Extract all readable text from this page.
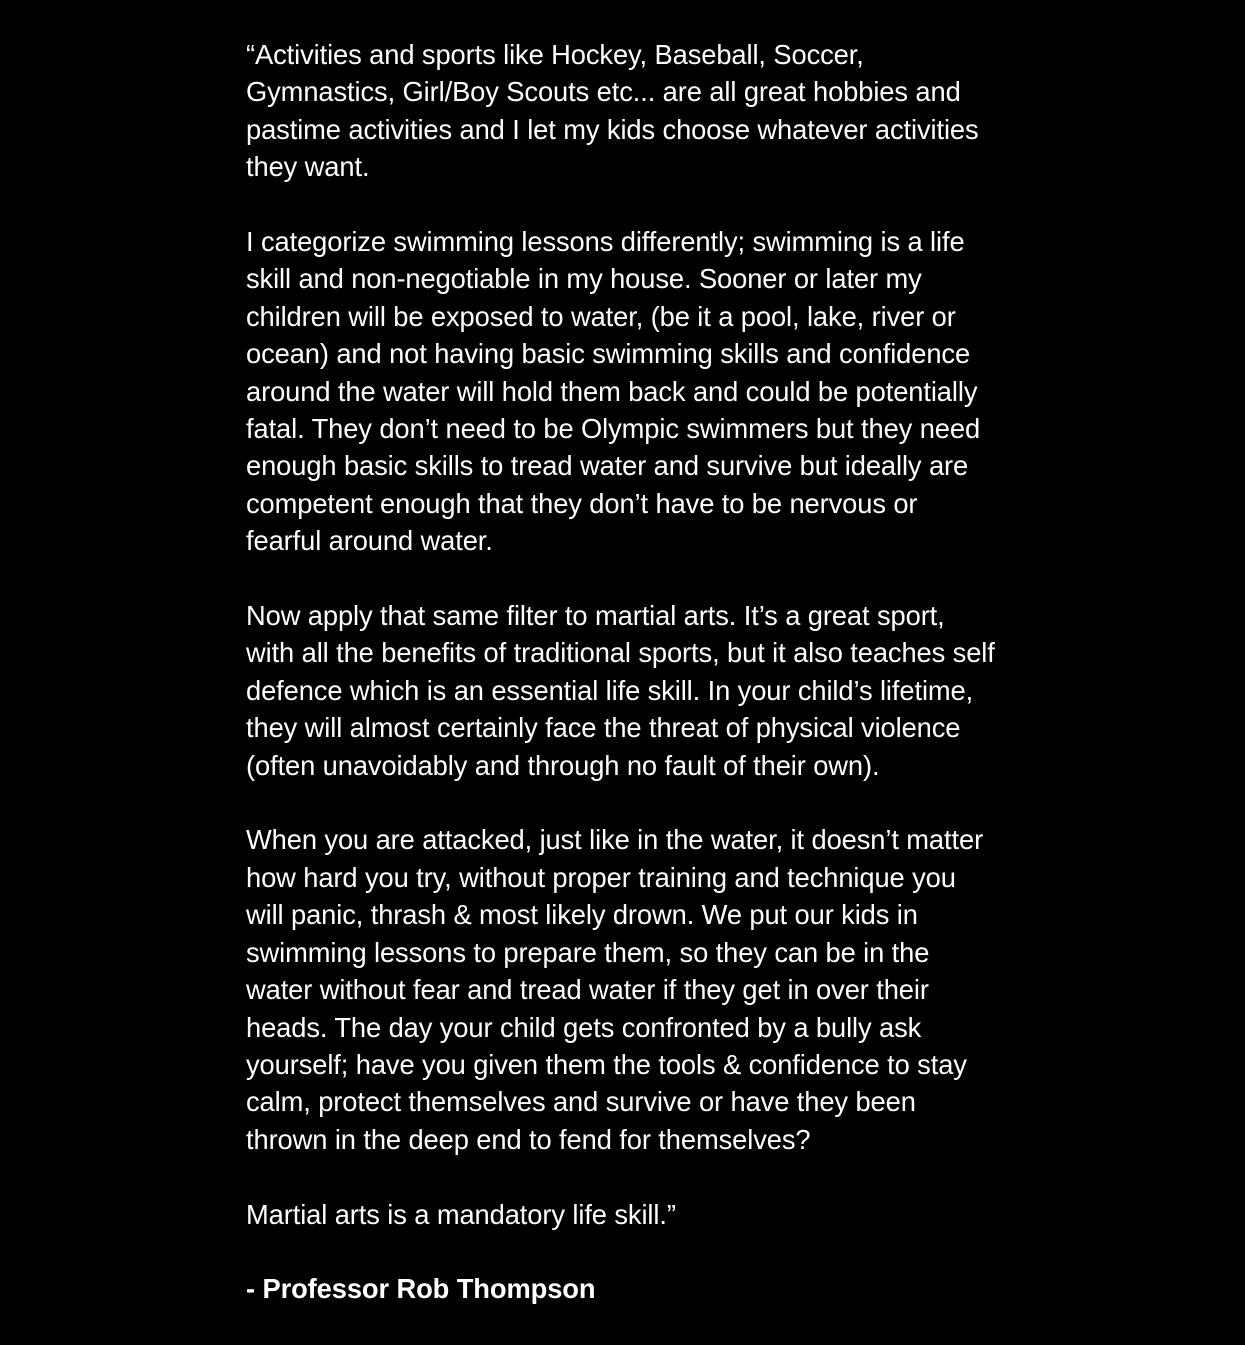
“Activities and sports like Hockey, Baseball, Soccer,
Gymnastics, Girl/Boy Scouts etc... are all great hobbies and
pastime activities and I let my kids choose whatever activities
they want.

I categorize swimming lessons differently; swimming is a life
skill and non-negotiable in my house. Sooner or later my
children will be exposed to water, (be it a pool, lake, river or
ocean) and not having basic swimming skills and confidence
around the water will hold them back and could be potentially
fatal. They don’t need to be Olympic swimmers but they need
enough basic skills to tread water and survive but ideally are
competent enough that they don’t have to be nervous or
fearful around water.

Now apply that same filter to martial arts. It’s a great sport,
with all the benefits of traditional sports, but it also teaches self
defence which is an essential life skill. In your child’s lifetime,
they will almost certainly face the threat of physical violence
(often unavoidably and through no fault of their own).

When you are attacked, just like in the water, it doesn’t matter
how hard you try, without proper training and technique you
will panic, thrash & most likely drown. We put our kids in
swimming lessons to prepare them, so they can be in the
water without fear and tread water if they get in over their
heads. The day your child gets confronted by a bully ask
yourself; have you given them the tools & confidence to stay
calm, protect themselves and survive or have they been
thrown in the deep end to fend for themselves?

Martial arts is a mandatory life skill.”

- Professor Rob Thompson
